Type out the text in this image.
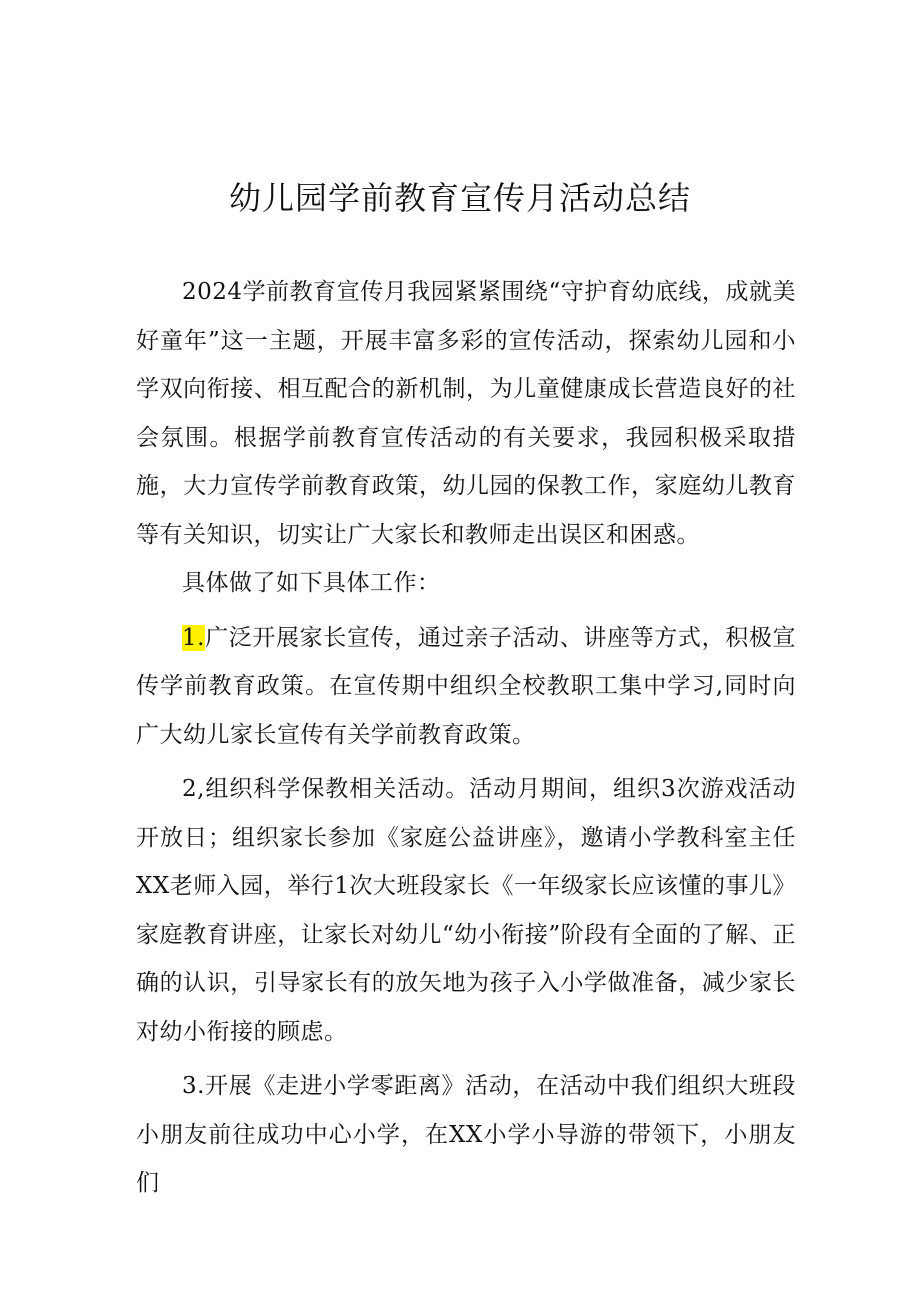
幼儿园学前教育宣传月活动总结

2024学前教育宣传月我园紧紧围绕“守护育幼底线，成就美好童年”这一主题，开展丰富多彩的宣传活动，探索幼儿园和小学双向衔接、相互配合的新机制，为儿童健康成长营造良好的社会氛围。根据学前教育宣传活动的有关要求，我园积极采取措施，大力宣传学前教育政策，幼儿园的保教工作，家庭幼儿教育等有关知识，切实让广大家长和教师走出误区和困惑。

具体做了如下具体工作：

1.广泛开展家长宣传，通过亲子活动、讲座等方式，积极宣传学前教育政策。在宣传期中组织全校教职工集中学习,同时向广大幼儿家长宣传有关学前教育政策。

2,组织科学保教相关活动。活动月期间，组织3次游戏活动开放日；组织家长参加《家庭公益讲座》，邀请小学教科室主任XX老师入园，举行1次大班段家长《一年级家长应该懂的事儿》家庭教育讲座，让家长对幼儿“幼小衔接”阶段有全面的了解、正确的认识，引导家长有的放矢地为孩子入小学做准备，减少家长对幼小衔接的顾虑。

3.开展《走进小学零距离》活动，在活动中我们组织大班段小朋友前往成功中心小学，在XX小学小导游的带领下，小朋友们
